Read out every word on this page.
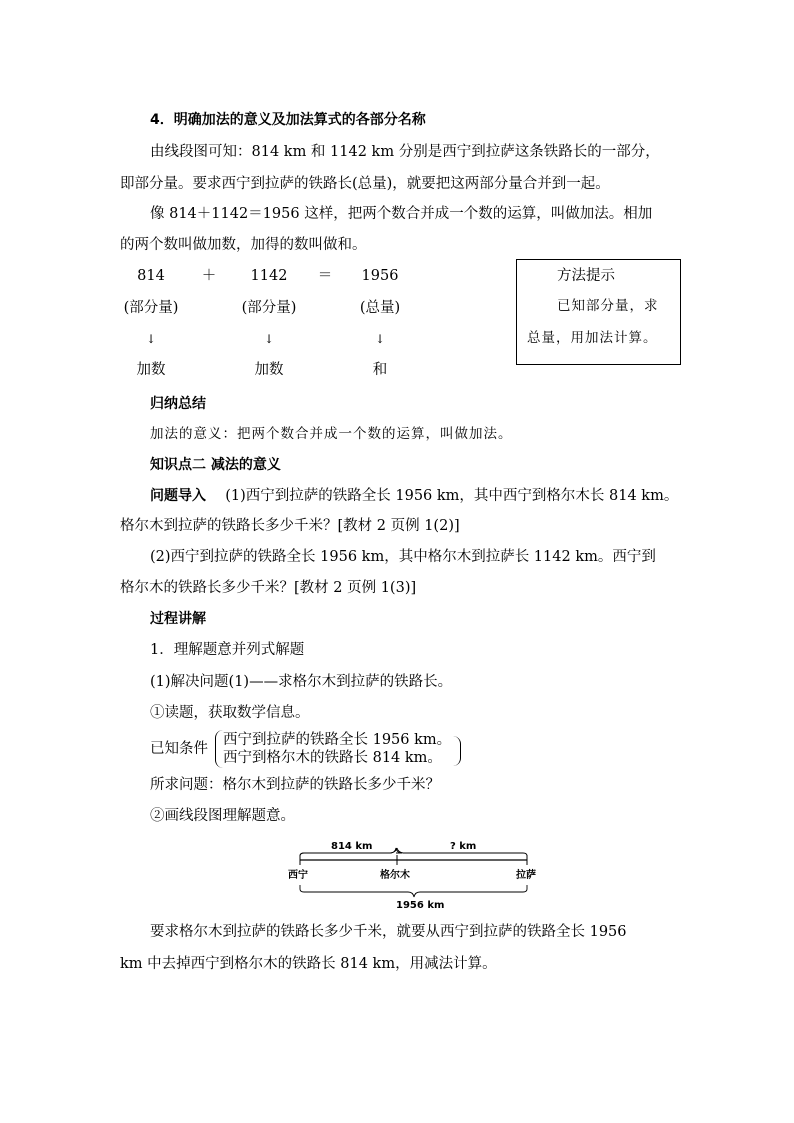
4．明确加法的意义及加法算式的各部分名称
由线段图可知：814 km 和 1142 km 分别是西宁到拉萨这条铁路长的一部分，
即部分量。要求西宁到拉萨的铁路长(总量)，就要把这两部分量合并到一起。
像 814＋1142＝1956 这样，把两个数合并成一个数的运算，叫做加法。相加
的两个数叫做加数，加得的数叫做和。
814	＋	1142	＝	1956
(部分量)	(部分量)	(总量)
↓	↓	↓
加数	加数	和
方法提示
已知部分量，求
总量，用加法计算。
归纳总结
加法的意义：把两个数合并成一个数的运算，叫做加法。
知识点二 减法的意义
问题导入 (1)西宁到拉萨的铁路全长 1956 km，其中西宁到格尔木长 814 km。
格尔木到拉萨的铁路长多少千米？[教材 2 页例 1(2)]
(2)西宁到拉萨的铁路全长 1956 km，其中格尔木到拉萨长 1142 km。西宁到
格尔木的铁路长多少千米？[教材 2 页例 1(3)]
过程讲解
1．理解题意并列式解题
(1)解决问题(1)——求格尔木到拉萨的铁路长。
①读题，获取数学信息。
已知条件
西宁到拉萨的铁路全长 1956 km。
西宁到格尔木的铁路长 814 km。
所求问题：格尔木到拉萨的铁路长多少千米？
②画线段图理解题意。
814 km	? km
西宁	格尔木	拉萨
1956 km
要求格尔木到拉萨的铁路长多少千米，就要从西宁到拉萨的铁路全长 1956
km 中去掉西宁到格尔木的铁路长 814 km，用减法计算。
